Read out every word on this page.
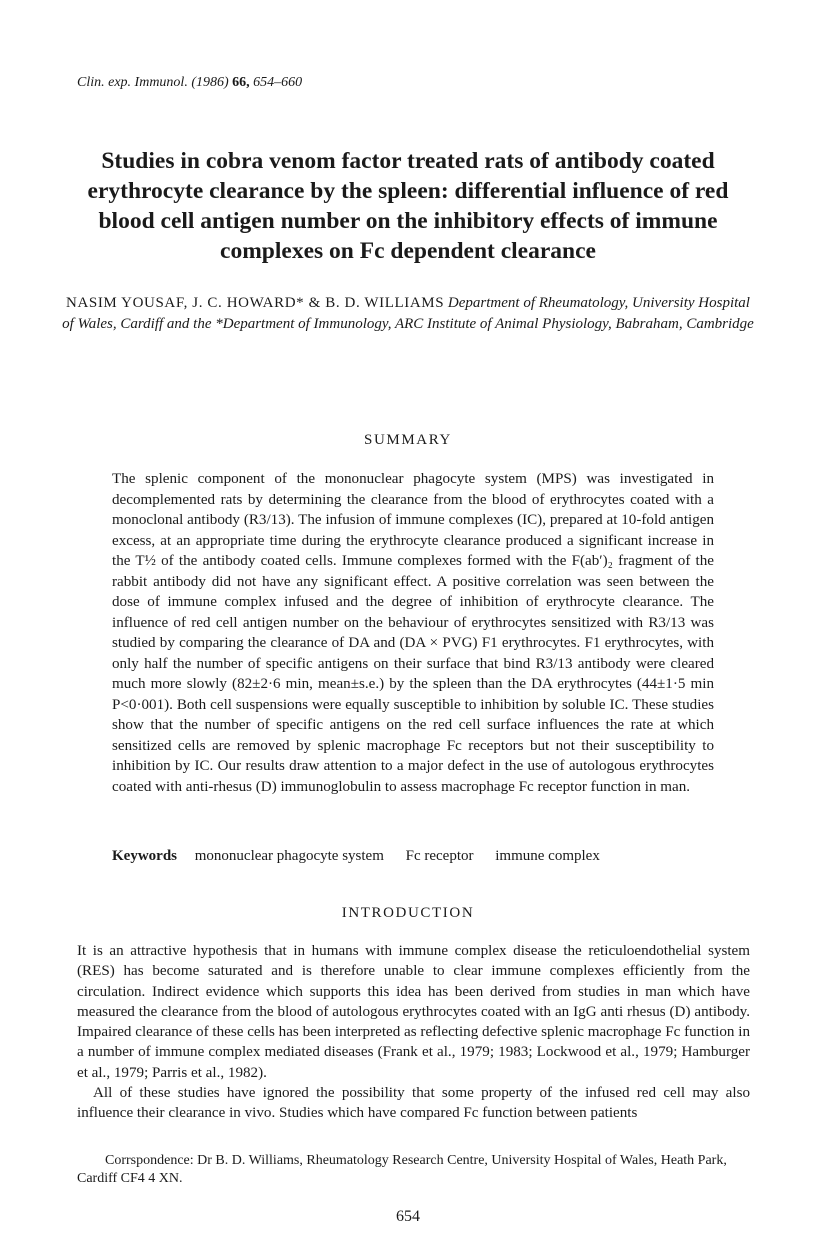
Clin. exp. Immunol. (1986) 66, 654–660
Studies in cobra venom factor treated rats of antibody coated erythrocyte clearance by the spleen: differential influence of red blood cell antigen number on the inhibitory effects of immune complexes on Fc dependent clearance
NASIM YOUSAF, J. C. HOWARD* & B. D. WILLIAMS Department of Rheumatology, University Hospital of Wales, Cardiff and the *Department of Immunology, ARC Institute of Animal Physiology, Babraham, Cambridge
SUMMARY

The splenic component of the mononuclear phagocyte system (MPS) was investigated in decomplemented rats by determining the clearance from the blood of erythrocytes coated with a monoclonal antibody (R3/13). The infusion of immune complexes (IC), prepared at 10-fold antigen excess, at an appropriate time during the erythrocyte clearance produced a significant increase in the T½ of the antibody coated cells. Immune complexes formed with the F(ab′)₂ fragment of the rabbit antibody did not have any significant effect. A positive correlation was seen between the dose of immune complex infused and the degree of inhibition of erythrocyte clearance. The influence of red cell antigen number on the behaviour of erythrocytes sensitized with R3/13 was studied by comparing the clearance of DA and (DA × PVG) F1 erythrocytes. F1 erythrocytes, with only half the number of specific antigens on their surface that bind R3/13 antibody were cleared much more slowly (82±2·6 min, mean±s.e.) by the spleen than the DA erythrocytes (44±1·5 min P<0·001). Both cell suspensions were equally susceptible to inhibition by soluble IC. These studies show that the number of specific antigens on the red cell surface influences the rate at which sensitized cells are removed by splenic macrophage Fc receptors but not their susceptibility to inhibition by IC. Our results draw attention to a major defect in the use of autologous erythrocytes coated with anti-rhesus (D) immunoglobulin to assess macrophage Fc receptor function in man.

Keywords mononuclear phagocyte system Fc receptor immune complex
INTRODUCTION

It is an attractive hypothesis that in humans with immune complex disease the reticuloendothelial system (RES) has become saturated and is therefore unable to clear immune complexes efficiently from the circulation. Indirect evidence which supports this idea has been derived from studies in man which have measured the clearance from the blood of autologous erythrocytes coated with an IgG anti rhesus (D) antibody. Impaired clearance of these cells has been interpreted as reflecting defective splenic macrophage Fc function in a number of immune complex mediated diseases (Frank et al., 1979; 1983; Lockwood et al., 1979; Hamburger et al., 1979; Parris et al., 1982).

All of these studies have ignored the possibility that some property of the infused red cell may also influence their clearance in vivo. Studies which have compared Fc function between patients

Corrspondence: Dr B. D. Williams, Rheumatology Research Centre, University Hospital of Wales, Heath Park, Cardiff CF4 4 XN.
654
